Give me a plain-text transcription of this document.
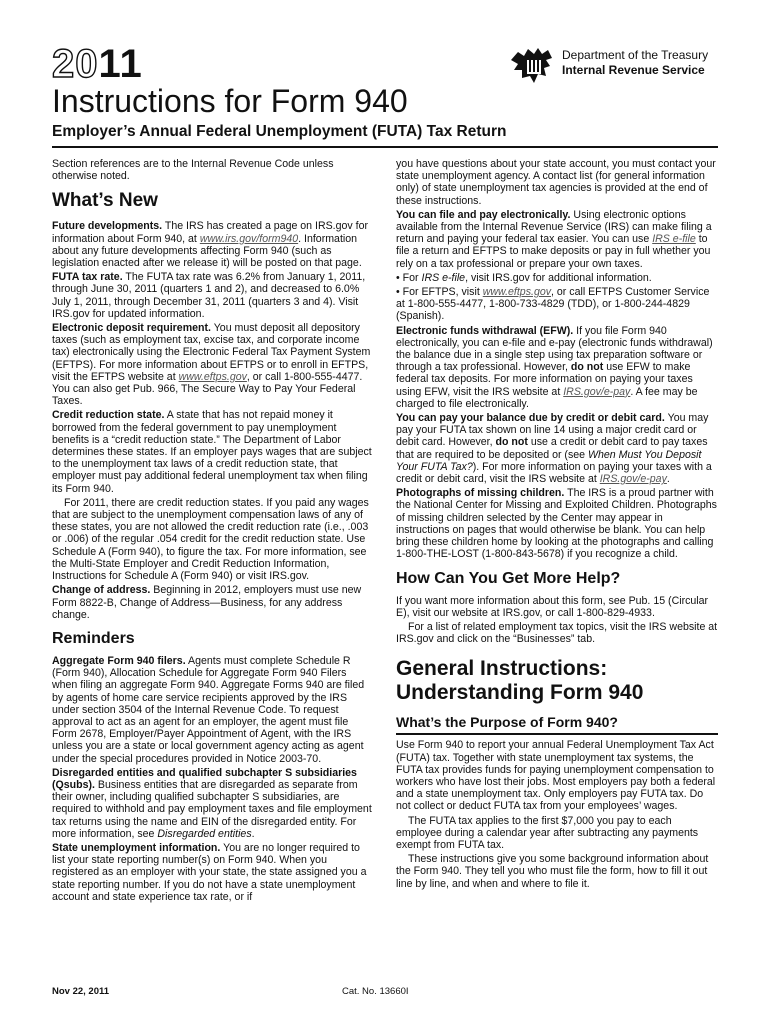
2011
Instructions for Form 940
Employer’s Annual Federal Unemployment (FUTA) Tax Return
Department of the Treasury
Internal Revenue Service

Section references are to the Internal Revenue Code unless otherwise noted.

What’s New

Future developments. The IRS has created a page on IRS.gov for information about Form 940, at www.irs.gov/form940. Information about any future developments affecting Form 940 (such as legislation enacted after we release it) will be posted on that page.

FUTA tax rate. The FUTA tax rate was 6.2% from January 1, 2011, through June 30, 2011 (quarters 1 and 2), and decreased to 6.0% July 1, 2011, through December 31, 2011 (quarters 3 and 4). Visit IRS.gov for updated information.

Electronic deposit requirement. You must deposit all depository taxes (such as employment tax, excise tax, and corporate income tax) electronically using the Electronic Federal Tax Payment System (EFTPS). For more information about EFTPS or to enroll in EFTPS, visit the EFTPS website at www.eftps.gov, or call 1-800-555-4477. You can also get Pub. 966, The Secure Way to Pay Your Federal Taxes.

Credit reduction state. A state that has not repaid money it borrowed from the federal government to pay unemployment benefits is a “credit reduction state.” The Department of Labor determines these states. If an employer pays wages that are subject to the unemployment tax laws of a credit reduction state, that employer must pay additional federal unemployment tax when filing its Form 940.

For 2011, there are credit reduction states. If you paid any wages that are subject to the unemployment compensation laws of any of these states, you are not allowed the credit reduction rate (i.e., .003 or .006) of the regular .054 credit for the credit reduction state. Use Schedule A (Form 940), to figure the tax. For more information, see the Multi-State Employer and Credit Reduction Information, Instructions for Schedule A (Form 940) or visit IRS.gov.

Change of address. Beginning in 2012, employers must use new Form 8822-B, Change of Address—Business, for any address change.

Reminders

Aggregate Form 940 filers. Agents must complete Schedule R (Form 940), Allocation Schedule for Aggregate Form 940 Filers when filing an aggregate Form 940. Aggregate Forms 940 are filed by agents of home care service recipients approved by the IRS under section 3504 of the Internal Revenue Code. To request approval to act as an agent for an employer, the agent must file Form 2678, Employer/Payer Appointment of Agent, with the IRS unless you are a state or local government agency acting as agent under the special procedures provided in Notice 2003-70.

Disregarded entities and qualified subchapter S subsidiaries (Qsubs). Business entities that are disregarded as separate from their owner, including qualified subchapter S subsidiaries, are required to withhold and pay employment taxes and file employment tax returns using the name and EIN of the disregarded entity. For more information, see Disregarded entities.

State unemployment information. You are no longer required to list your state reporting number(s) on Form 940. When you registered as an employer with your state, the state assigned you a state reporting number. If you do not have a state unemployment account and state experience tax rate, or if

you have questions about your state account, you must contact your state unemployment agency. A contact list (for general information only) of state unemployment tax agencies is provided at the end of these instructions.

You can file and pay electronically. Using electronic options available from the Internal Revenue Service (IRS) can make filing a return and paying your federal tax easier. You can use IRS e-file to file a return and EFTPS to make deposits or pay in full whether you rely on a tax professional or prepare your own taxes.

• For IRS e-file, visit IRS.gov for additional information.

• For EFTPS, visit www.eftps.gov, or call EFTPS Customer Service at 1-800-555-4477, 1-800-733-4829 (TDD), or 1-800-244-4829 (Spanish).

Electronic funds withdrawal (EFW). If you file Form 940 electronically, you can e-file and e-pay (electronic funds withdrawal) the balance due in a single step using tax preparation software or through a tax professional. However, do not use EFW to make federal tax deposits. For more information on paying your taxes using EFW, visit the IRS website at IRS.gov/e-pay. A fee may be charged to file electronically.

You can pay your balance due by credit or debit card. You may pay your FUTA tax shown on line 14 using a major credit card or debit card. However, do not use a credit or debit card to pay taxes that are required to be deposited or (see When Must You Deposit Your FUTA Tax?). For more information on paying your taxes with a credit or debit card, visit the IRS website at IRS.gov/e-pay.

Photographs of missing children. The IRS is a proud partner with the National Center for Missing and Exploited Children. Photographs of missing children selected by the Center may appear in instructions on pages that would otherwise be blank. You can help bring these children home by looking at the photographs and calling 1-800-THE-LOST (1-800-843-5678) if you recognize a child.

How Can You Get More Help?

If you want more information about this form, see Pub. 15 (Circular E), visit our website at IRS.gov, or call 1-800-829-4933.

For a list of related employment tax topics, visit the IRS website at IRS.gov and click on the “Businesses” tab.

General Instructions:
Understanding Form 940
What’s the Purpose of Form 940?

Use Form 940 to report your annual Federal Unemployment Tax Act (FUTA) tax. Together with state unemployment tax systems, the FUTA tax provides funds for paying unemployment compensation to workers who have lost their jobs. Most employers pay both a federal and a state unemployment tax. Only employers pay FUTA tax. Do not collect or deduct FUTA tax from your employees’ wages.

The FUTA tax applies to the first $7,000 you pay to each employee during a calendar year after subtracting any payments exempt from FUTA tax.

These instructions give you some background information about the Form 940. They tell you who must file the form, how to fill it out line by line, and when and where to file it.

Nov 22, 2011	Cat. No. 13660I
